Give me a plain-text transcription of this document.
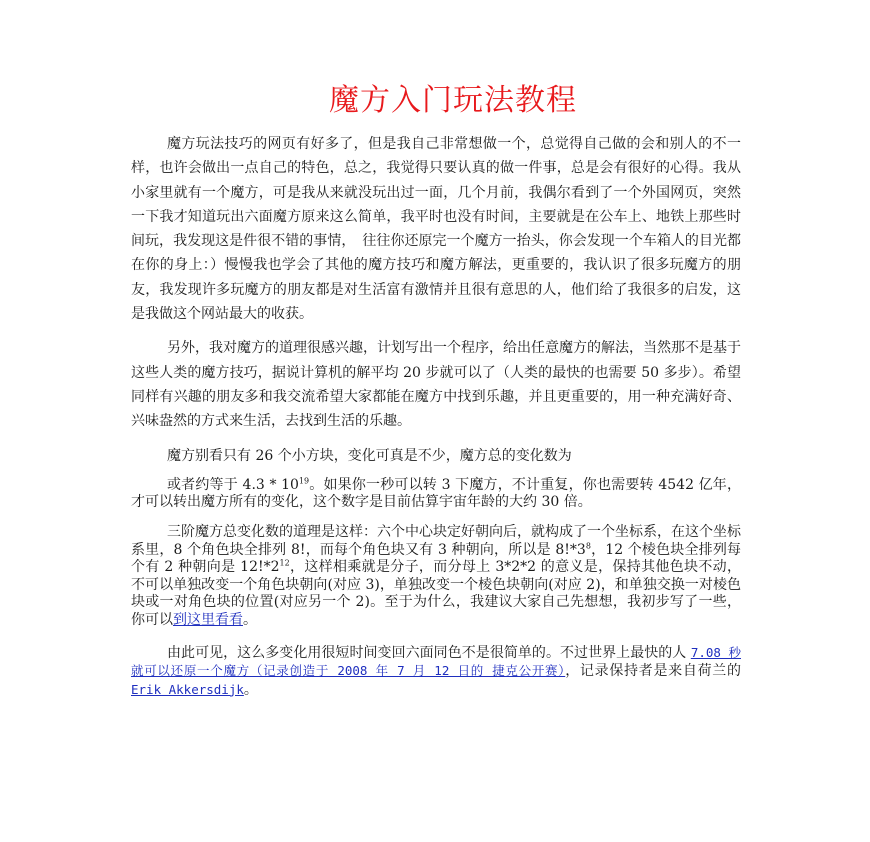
魔方入门玩法教程

魔方玩法技巧的网页有好多了，但是我自己非常想做一个，总觉得自己做的会和别人的不一样，也许会做出一点自己的特色，总之，我觉得只要认真的做一件事，总是会有很好的心得。我从小家里就有一个魔方，可是我从来就没玩出过一面，几个月前，我偶尔看到了一个外国网页，突然一下我才知道玩出六面魔方原来这么简单，我平时也没有时间，主要就是在公车上、地铁上那些时间玩，我发现这是件很不错的事情，　往往你还原完一个魔方一抬头，你会发现一个车箱人的目光都在你的身上：）慢慢我也学会了其他的魔方技巧和魔方解法，更重要的，我认识了很多玩魔方的朋友，我发现许多玩魔方的朋友都是对生活富有激情并且很有意思的人，他们给了我很多的启发，这是我做这个网站最大的收获。

另外，我对魔方的道理很感兴趣，计划写出一个程序，给出任意魔方的解法，当然那不是基于这些人类的魔方技巧，据说计算机的解平均 20 步就可以了（人类的最快的也需要 50 多步）。希望同样有兴趣的朋友多和我交流希望大家都能在魔方中找到乐趣，并且更重要的，用一种充满好奇、兴味盎然的方式来生活，去找到生活的乐趣。

魔方别看只有 26 个小方块，变化可真是不少，魔方总的变化数为

或者约等于 $4.3 * 10^{19}$。如果你一秒可以转 3 下魔方，不计重复，你也需要转 4542 亿年，才可以转出魔方所有的变化，这个数字是目前估算宇宙年龄的大约 30 倍。

三阶魔方总变化数的道理是这样：六个中心块定好朝向后，就构成了一个坐标系，在这个坐标系里，8 个角色块全排列 8!，而每个角色块又有 3 种朝向，所以是 $8!*3^8$，12 个棱色块全排列每个有 2 种朝向是 $12!*2^{12}$，这样相乘就是分子，而分母上 3*2*2 的意义是，保持其他色块不动，不可以单独改变一个角色块朝向(对应 3)，单独改变一个棱色块朝向(对应 2)，和单独交换一对棱色块或一对角色块的位置(对应另一个 2)。至于为什么，我建议大家自己先想想，我初步写了一些，你可以到这里看看。

由此可见，这么多变化用很短时间变回六面同色不是很简单的。不过世界上最快的人 7.08 秒就可以还原一个魔方（记录创造于 2008 年 7 月 12 日的 捷克公开赛），记录保持者是来自荷兰的 Erik Akkersdijk。
